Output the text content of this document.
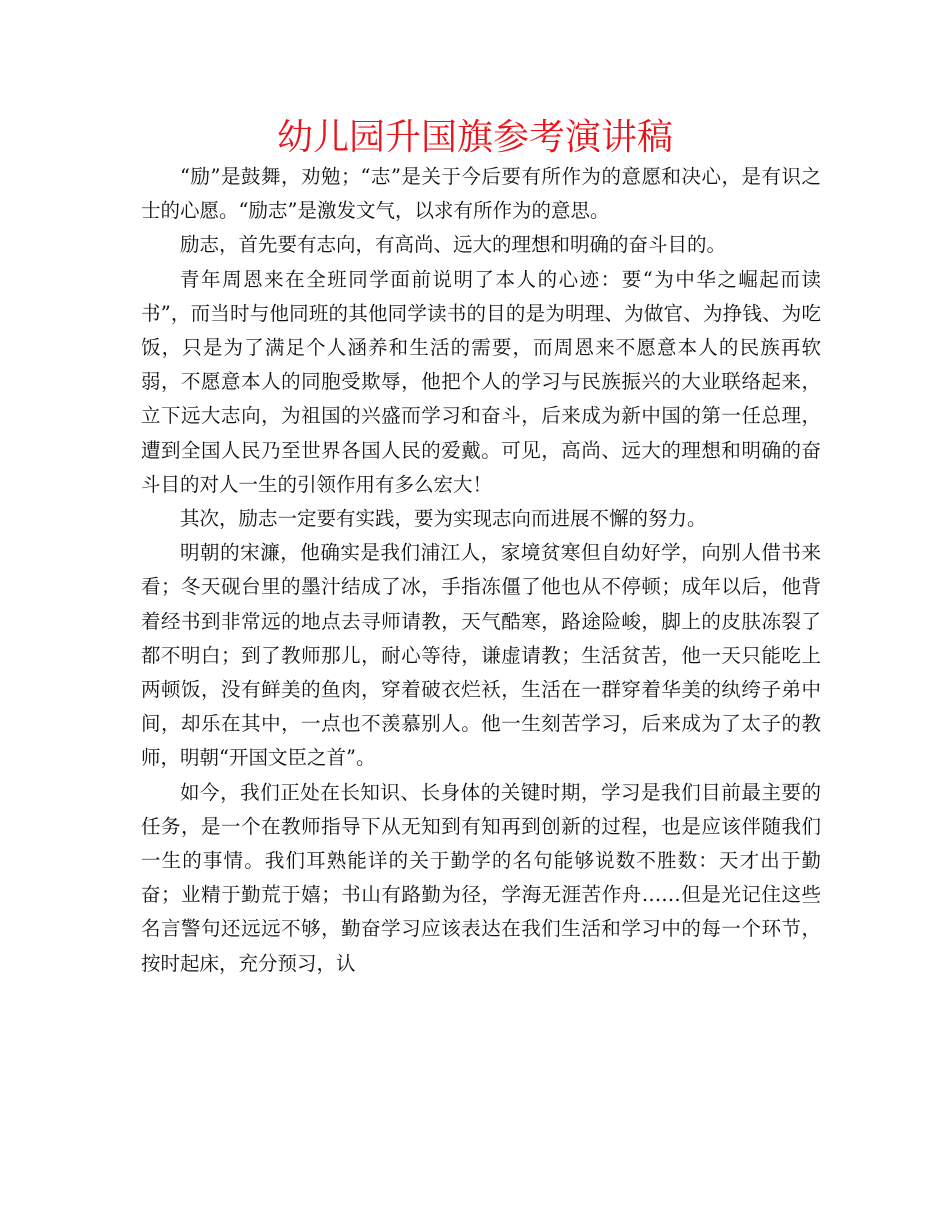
幼儿园升国旗参考演讲稿

“励”是鼓舞，劝勉；“志”是关于今后要有所作为的意愿和决心，是有识之士的心愿。“励志”是激发文气，以求有所作为的意思。

励志，首先要有志向，有高尚、远大的理想和明确的奋斗目的。

青年周恩来在全班同学面前说明了本人的心迹：要“为中华之崛起而读书”，而当时与他同班的其他同学读书的目的是为明理、为做官、为挣钱、为吃饭，只是为了满足个人涵养和生活的需要，而周恩来不愿意本人的民族再软弱，不愿意本人的同胞受欺辱，他把个人的学习与民族振兴的大业联络起来，立下远大志向，为祖国的兴盛而学习和奋斗，后来成为新中国的第一任总理，遭到全国人民乃至世界各国人民的爱戴。可见，高尚、远大的理想和明确的奋斗目的对人一生的引领作用有多么宏大！

其次，励志一定要有实践，要为实现志向而进展不懈的努力。

明朝的宋濂，他确实是我们浦江人，家境贫寒但自幼好学，向别人借书来看；冬天砚台里的墨汁结成了冰，手指冻僵了他也从不停顿；成年以后，他背着经书到非常远的地点去寻师请教，天气酷寒，路途险峻，脚上的皮肤冻裂了都不明白；到了教师那儿，耐心等待，谦虚请教；生活贫苦，他一天只能吃上两顿饭，没有鲜美的鱼肉，穿着破衣烂袄，生活在一群穿着华美的纨绔子弟中间，却乐在其中，一点也不羡慕别人。他一生刻苦学习，后来成为了太子的教师，明朝“开国文臣之首”。

如今，我们正处在长知识、长身体的关键时期，学习是我们目前最主要的任务，是一个在教师指导下从无知到有知再到创新的过程，也是应该伴随我们一生的事情。我们耳熟能详的关于勤学的名句能够说数不胜数：天才出于勤奋；业精于勤荒于嬉；书山有路勤为径，学海无涯苦作舟……但是光记住这些名言警句还远远不够，勤奋学习应该表达在我们生活和学习中的每一个环节，按时起床，充分预习，认
